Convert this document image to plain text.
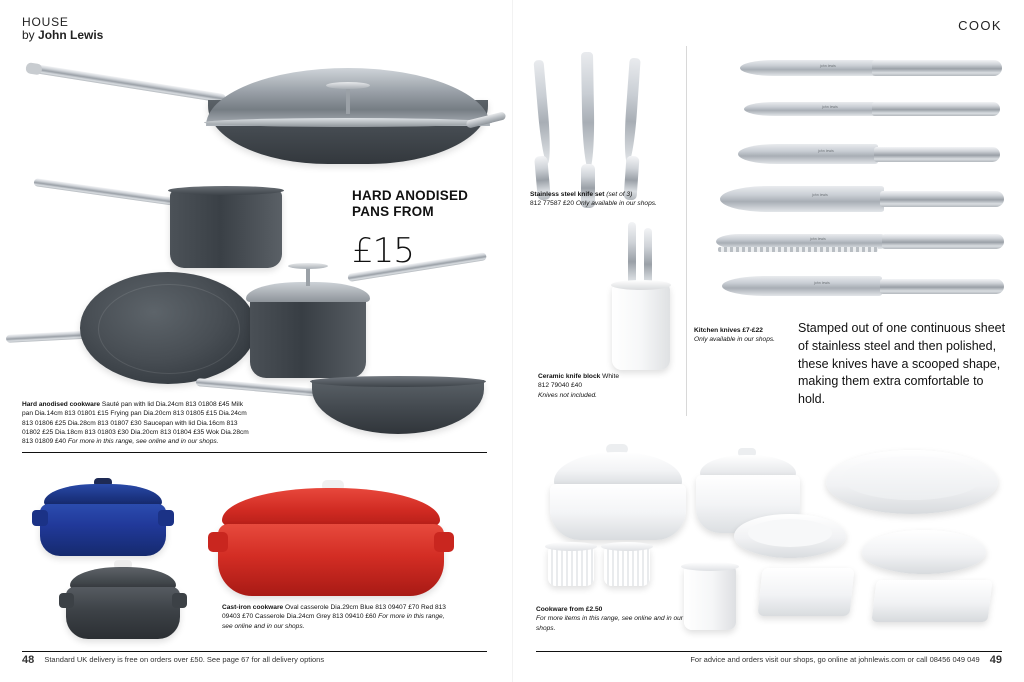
HOUSE
by John Lewis
COOK
HARD ANODISED PANS FROM
£15
Hard anodised cookware Sauté pan with lid Dia.24cm 813 01808 £45 Milk pan Dia.14cm 813 01801 £15 Frying pan Dia.20cm 813 01805 £15 Dia.24cm 813 01806 £25 Dia.28cm 813 01807 £30 Saucepan with lid Dia.16cm 813 01802 £25 Dia.18cm 813 01803 £30 Dia.20cm 813 01804 £35 Wok Dia.28cm 813 01809 £40 For more in this range, see online and in our shops.
Cast-iron cookware Oval casserole Dia.29cm Blue 813 09407 £70 Red 813 09403 £70 Casserole Dia.24cm Grey 813 09410 £60 For more in this range, see online and in our shops.
Stainless steel knife set (set of 3)
812 77587 £20 Only available in our shops.
Ceramic knife block White
812 79040 £40
Knives not included.
john lewis
john lewis
john lewis
john lewis
john lewis
john lewis
Kitchen knives £7-£22
Only available in our shops.
Stamped out of one continuous sheet of stainless steel and then polished, these knives have a scooped shape, making them extra comfortable to hold.
Cookware from £2.50
For more items in this range, see online and in our shops.
48 Standard UK delivery is free on orders over £50. See page 67 for all delivery options	For advice and orders visit our shops, go online at johnlewis.com or call 08456 049 049 49
